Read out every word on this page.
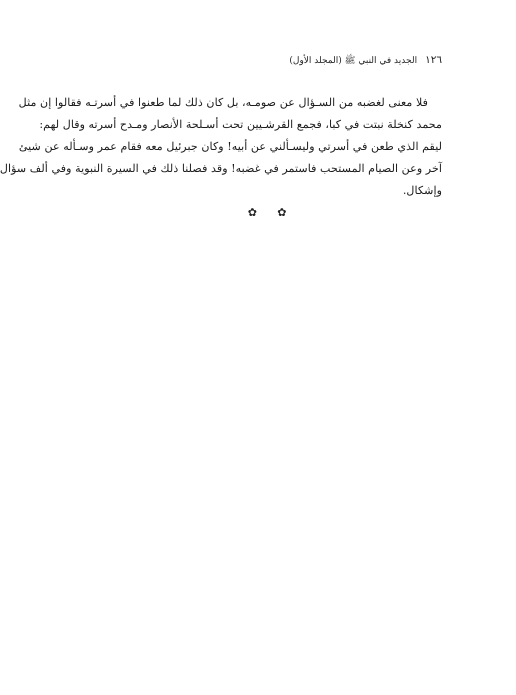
١٢٦
الجديد في النبي ﷺ (المجلد الأول)
فلا معنى لغضبه من السـؤال عن صومـه، بل كان ذلك لما طعنوا في أسرتـه فقالوا إن مثل
محمد كنخلة نبتت في كبا، فجمع القرشـيين تحت أسـلحة الأنصار ومـدح أسرته وقال لهم:
ليقم الذي طعن في أسرتي وليسـألني عن أبيه! وكان جبرئيل معه فقام عمر وسـأله عن شيئ
آخر وعن الصيام المستحب فاستمر في غضبه! وقد فصلنا ذلك في السيرة النبوية وفي ألف سؤال
وإشكال.
✿ ✿
